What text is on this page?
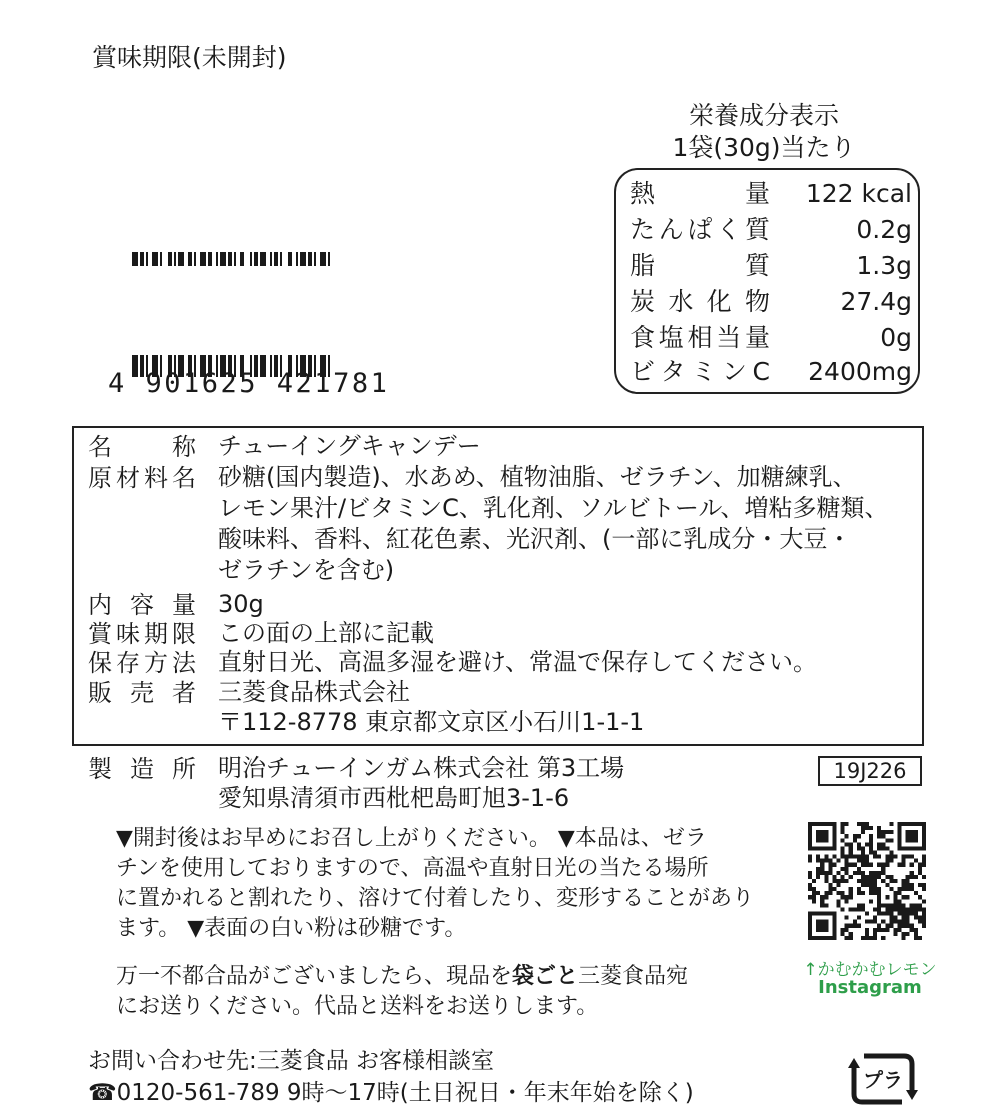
賞味期限(未開封)
栄養成分表示
1袋(30g)当たり
熱量 122 kcal
たんぱく質	0.2g
脂質	1.3g
炭水化物	27.4g
食塩相当量	0g
ビタミンC 2400mg
4 901625 421781
名称 チューイングキャンデー
原材料名 砂糖(国内製造)、水あめ、植物油脂、ゼラチン、加糖練乳、
レモン果汁/ビタミンC、乳化剤、ソルビトール、増粘多糖類、
酸味料、香料、紅花色素、光沢剤、(一部に乳成分・大豆・
ゼラチンを含む)
内容量 30g
賞味期限 この面の上部に記載
保存方法 直射日光、高温多湿を避け、常温で保存してください。
販売者 三菱食品株式会社
〒112-8778 東京都文京区小石川1-1-1
製造所 明治チューインガム株式会社 第3工場
愛知県清須市西枇杷島町旭3-1-6
19J226
▼開封後はお早めにお召し上がりください。 ▼本品は、ゼラ
チンを使用しておりますので、高温や直射日光の当たる場所
に置かれると割れたり、溶けて付着したり、変形することがあり
ます。 ▼表面の白い粉は砂糖です。
万一不都合品がございましたら、現品を袋ごと三菱食品宛
にお送りください。代品と送料をお送りします。
↑かむかむレモン
Instagram
お問い合わせ先:三菱食品 お客様相談室
☎0120-561-789 9時〜17時(土日祝日・年末年始を除く)	プラ
